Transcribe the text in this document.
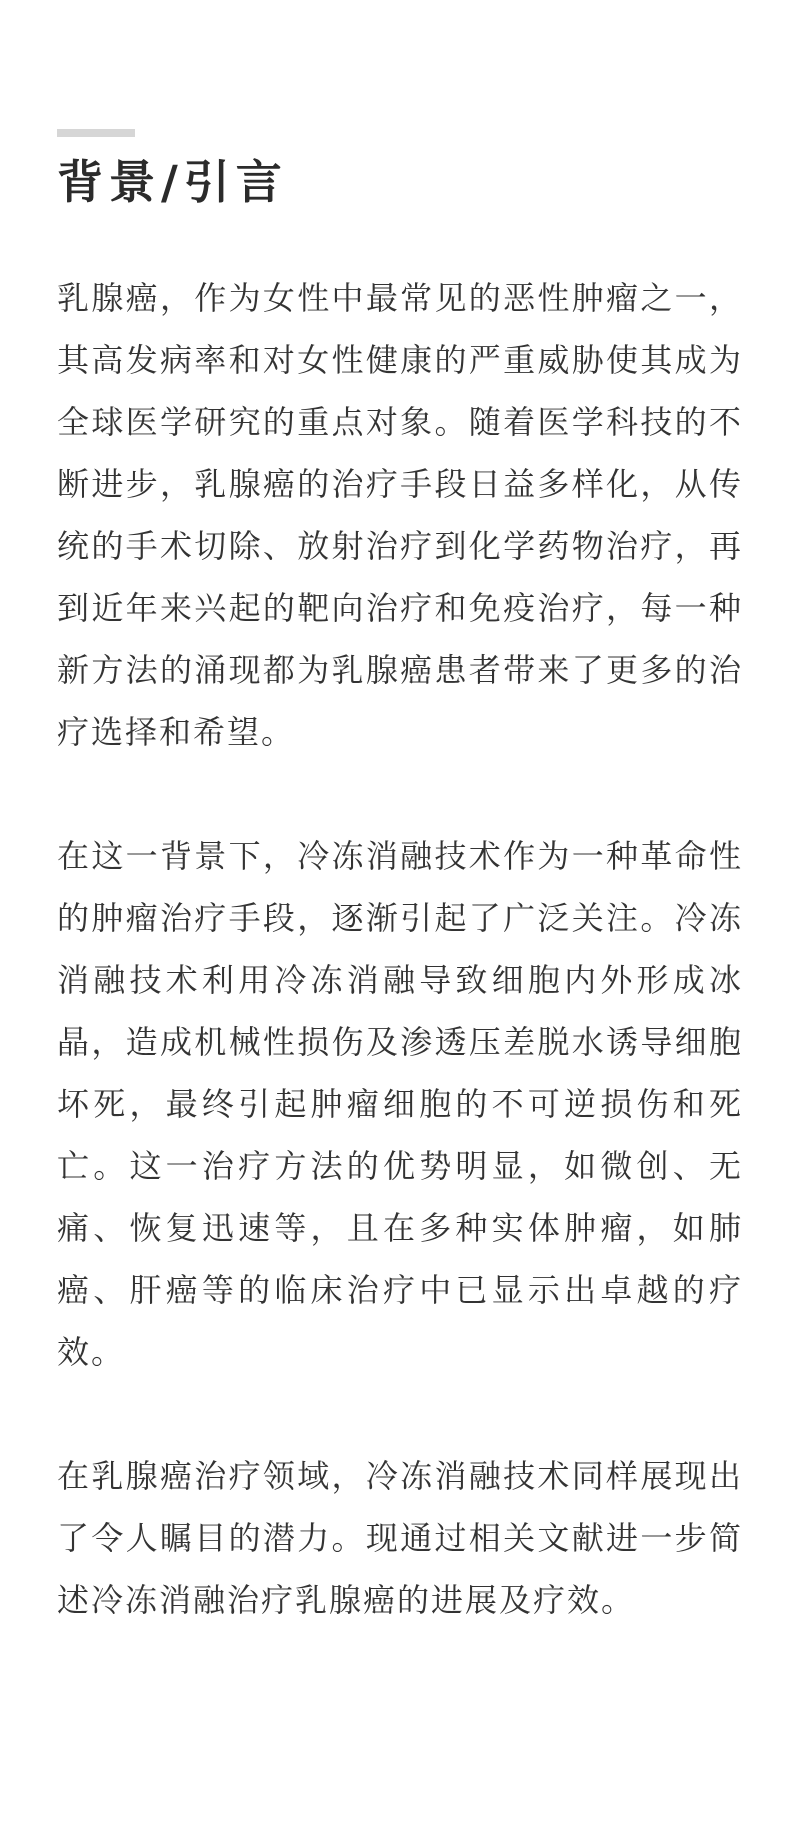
背景/引言

乳腺癌，作为女性中最常见的恶性肿瘤之一，其高发病率和对女性健康的严重威胁使其成为全球医学研究的重点对象。随着医学科技的不断进步，乳腺癌的治疗手段日益多样化，从传统的手术切除、放射治疗到化学药物治疗，再到近年来兴起的靶向治疗和免疫治疗，每一种新方法的涌现都为乳腺癌患者带来了更多的治疗选择和希望。

在这一背景下，冷冻消融技术作为一种革命性的肿瘤治疗手段，逐渐引起了广泛关注。冷冻消融技术利用冷冻消融导致细胞内外形成冰晶，造成机械性损伤及渗透压差脱水诱导细胞坏死，最终引起肿瘤细胞的不可逆损伤和死亡。这一治疗方法的优势明显，如微创、无痛、恢复迅速等，且在多种实体肿瘤，如肺癌、肝癌等的临床治疗中已显示出卓越的疗效。

在乳腺癌治疗领域，冷冻消融技术同样展现出了令人瞩目的潜力。现通过相关文献进一步简述冷冻消融治疗乳腺癌的进展及疗效。
